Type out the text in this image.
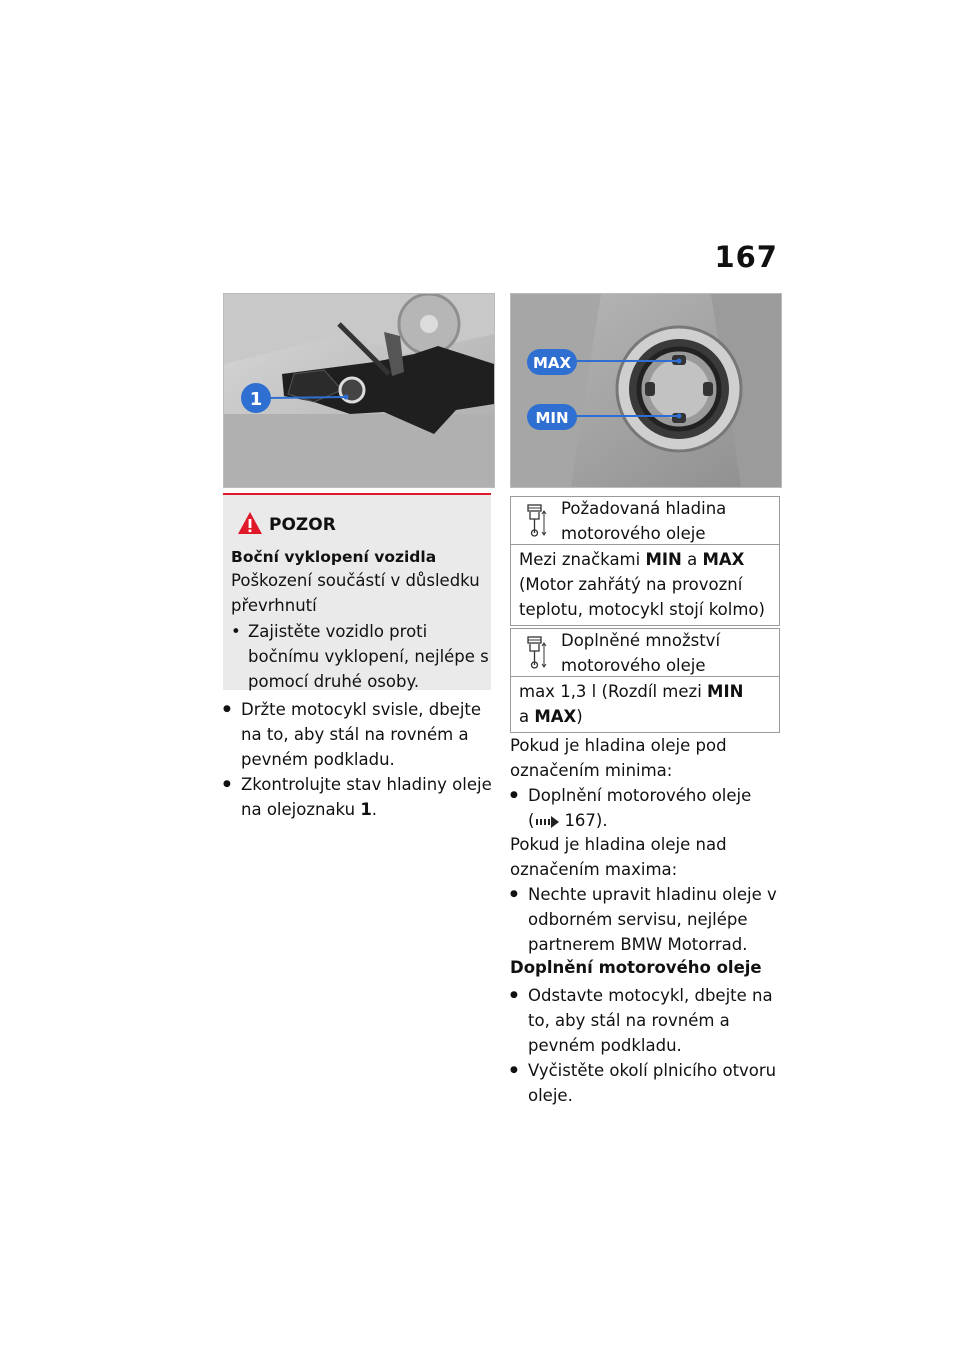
167
1
MAX
MIN
POZOR
Boční vyklopení vozidla
Poškození součástí v důsledku převrhnutí
• Zajistěte vozidlo proti bočnímu vyklopení, nejlépe s pomocí druhé osoby.
● Držte motocykl svisle, dbejte na to, aby stál na rovném a pevném podkladu.
● Zkontrolujte stav hladiny oleje na olejoznaku 1.
Požadovaná hladina motorového oleje
Mezi značkami MIN a MAX
(Motor zahřátý na provozní teplotu, motocykl stojí kolmo)
Doplněné množství motorového oleje
max 1,3 l (Rozdíl mezi MIN
a MAX)
Pokud je hladina oleje pod označením minima:
● Doplnění motorového oleje
( 167).
Pokud je hladina oleje nad označením maxima:
● Nechte upravit hladinu oleje v odborném servisu, nejlépe partnerem BMW Motorrad.
Doplnění motorového oleje
● Odstavte motocykl, dbejte na to, aby stál na rovném a pevném podkladu.
● Vyčistěte okolí plnicího otvoru oleje.
